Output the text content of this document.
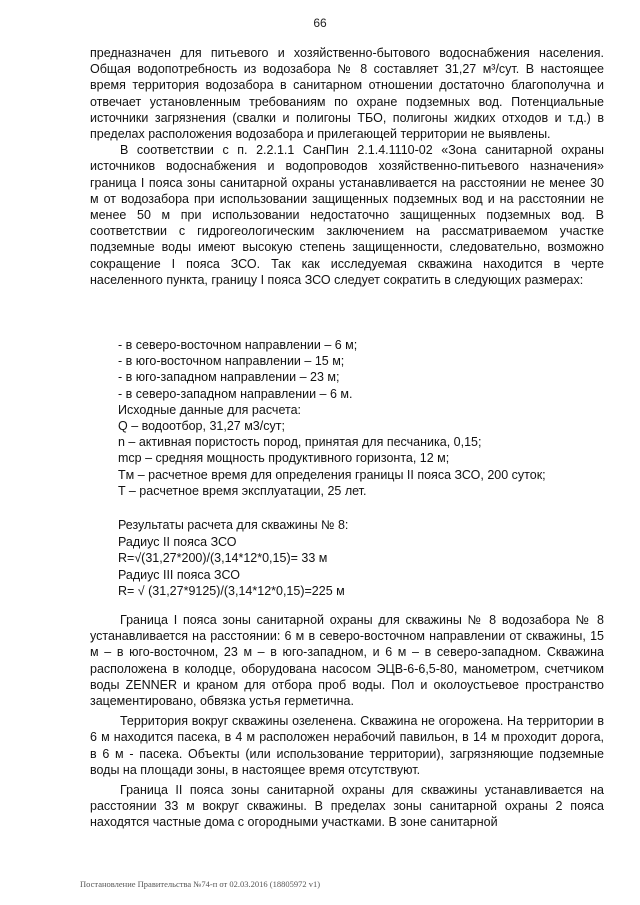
66

предназначен для питьевого и хозяйственно-бытового водоснабжения населения. Общая водопотребность из водозабора № 8 составляет 31,27 м³/сут. В настоящее время территория водозабора в санитарном отношении достаточно благополучна и отвечает установленным требованиям по охране подземных вод. Потенциальные источники загрязнения (свалки и полигоны ТБО, полигоны жидких отходов и т.д.) в пределах расположения водозабора и прилегающей территории не выявлены.

В соответствии с п. 2.2.1.1 СанПин 2.1.4.1110-02 «Зона санитарной охраны источников водоснабжения и водопроводов хозяйственно-питьевого назначения» граница I пояса зоны санитарной охраны устанавливается на расстоянии не менее 30 м от водозабора при использовании защищенных подземных вод и на расстоянии не менее 50 м при использовании недостаточно защищенных подземных вод. В соответствии с гидрогеологическим заключением на рассматриваемом участке подземные воды имеют высокую степень защищенности, следовательно, возможно сокращение I пояса ЗСО. Так как исследуемая скважина находится в черте населенного пункта, границу I пояса ЗСО следует сократить в следующих размерах:

- в северо-восточном направлении – 6 м;

- в юго-восточном направлении – 15 м;

- в юго-западном направлении – 23 м;

- в северо-западном направлении – 6 м.

Исходные данные для расчета:

Q – водоотбор, 31,27 м3/сут;

n – активная пористость пород, принятая для песчаника, 0,15;

mср – средняя мощность продуктивного горизонта, 12 м;

Tм – расчетное время для определения границы II пояса ЗСО, 200 суток;

T – расчетное время эксплуатации, 25 лет.

Результаты расчета для скважины № 8:

Радиус II пояса ЗСО

R=√(31,27*200)/(3,14*12*0,15)= 33 м

Радиус III пояса ЗСО

R= √ (31,27*9125)/(3,14*12*0,15)=225 м

Граница I пояса зоны санитарной охраны для скважины № 8 водозабора № 8 устанавливается на расстоянии: 6 м в северо-восточном направлении от скважины, 15 м – в юго-восточном, 23 м – в юго-западном, и 6 м – в северо-западном. Скважина расположена в колодце, оборудована насосом ЭЦВ-6-6,5-80, манометром, счетчиком воды ZENNER и краном для отбора проб воды. Пол и околоустьевое пространство зацементировано, обвязка устья герметична.

Территория вокруг скважины озеленена. Скважина не огорожена. На территории в 6 м находится пасека, в 4 м расположен нерабочий павильон, в 14 м проходит дорога, в 6 м - пасека. Объекты (или использование территории), загрязняющие подземные воды на площади зоны, в настоящее время отсутствуют.

Граница II пояса зоны санитарной охраны для скважины устанавливается на расстоянии 33 м вокруг скважины. В пределах зоны санитарной охраны 2 пояса находятся частные дома с огородными участками. В зоне санитарной

Постановление Правительства №74-п от 02.03.2016 (18805972 v1)
